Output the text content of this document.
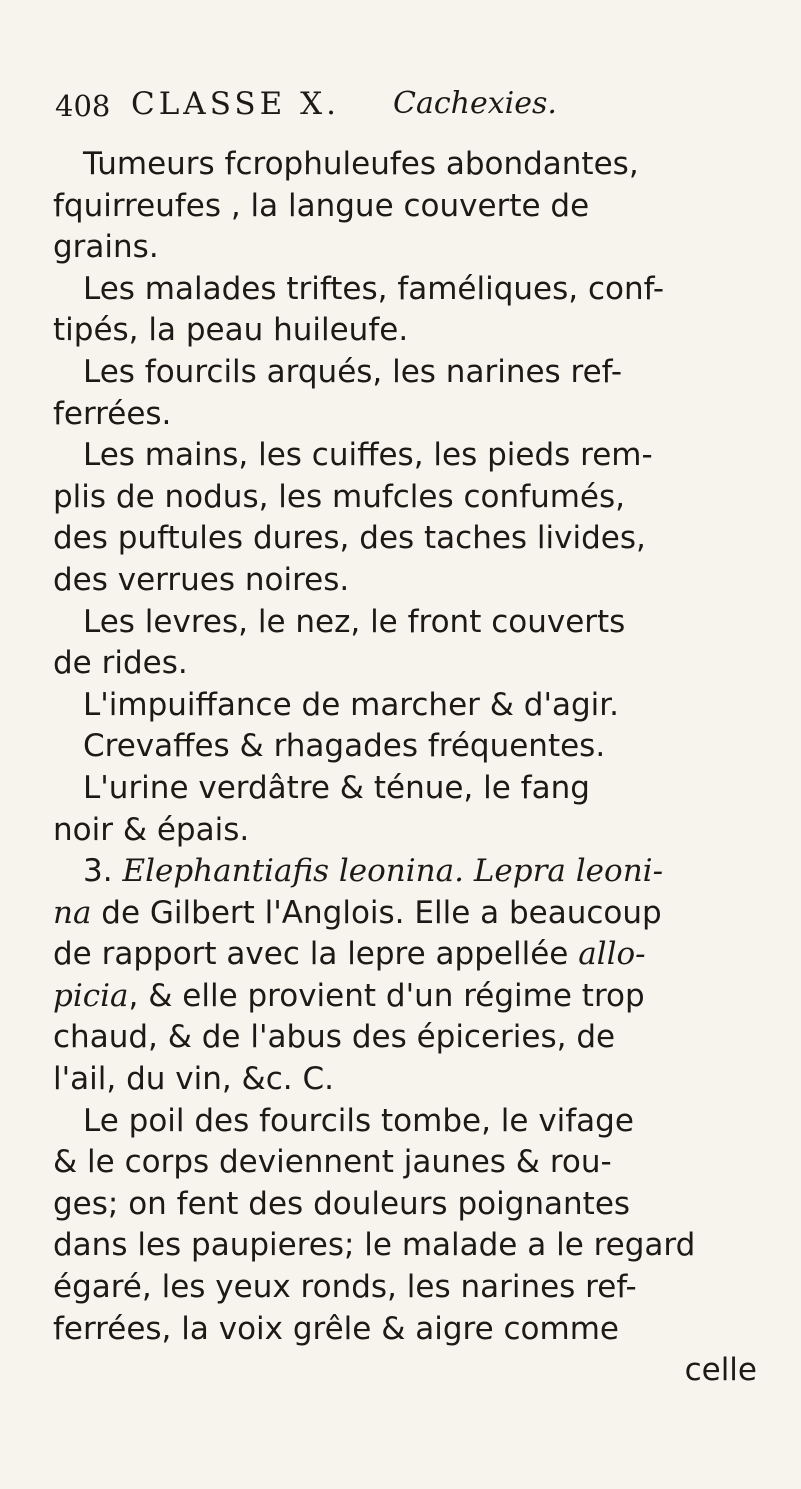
408 CLASSE X. Cachexies.
Tumeurs fcrophuleufes abondantes,
fquirreufes , la langue couverte de
grains.
Les malades triftes, faméliques, conf-
tipés, la peau huileufe.
Les fourcils arqués, les narines ref-
ferrées.
Les mains, les cuiffes, les pieds rem-
plis de nodus, les mufcles confumés,
des puftules dures, des taches livides,
des verrues noires.
Les levres, le nez, le front couverts
de rides.
L'impuiffance de marcher & d'agir.
Crevaffes & rhagades fréquentes.
L'urine verdâtre & ténue, le fang
noir & épais.
3. Elephantiafis leonina. Lepra leoni-
na de Gilbert l'Anglois. Elle a beaucoup
de rapport avec la lepre appellée allo-
picia, & elle provient d'un régime trop
chaud, & de l'abus des épiceries, de
l'ail, du vin, &c. C.
Le poil des fourcils tombe, le vifage
& le corps deviennent jaunes & rou-
ges; on fent des douleurs poignantes
dans les paupieres; le malade a le regard
égaré, les yeux ronds, les narines ref-
ferrées, la voix grêle & aigre comme
celle
